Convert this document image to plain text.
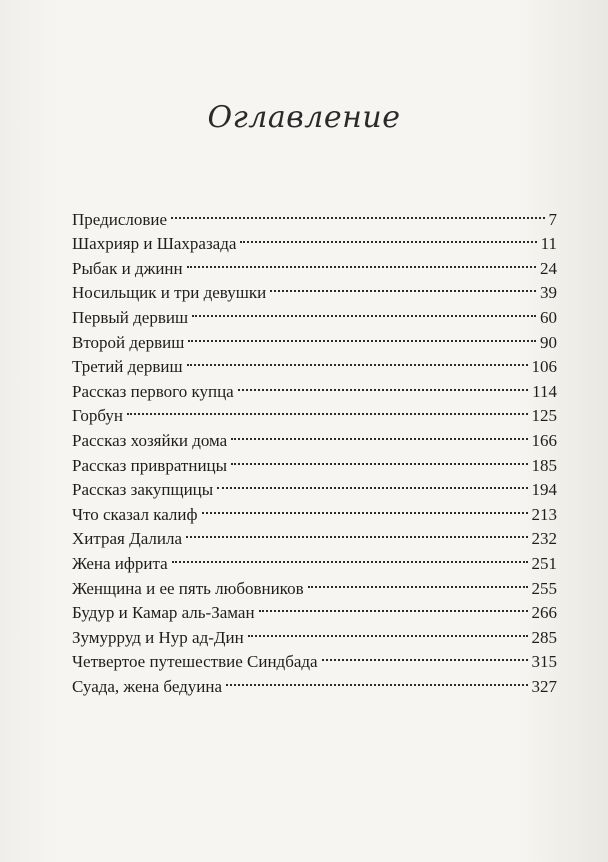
Оглавление
Предисловие	7
Шахрияр и Шахразада	11
Рыбак и джинн	24
Носильщик и три девушки	39
Первый дервиш	60
Второй дервиш	90
Третий дервиш	106
Рассказ первого купца	114
Горбун	125
Рассказ хозяйки дома	166
Рассказ привратницы	185
Рассказ закупщицы	194
Что сказал калиф	213
Хитрая Далила	232
Жена ифрита	251
Женщина и ее пять любовников	255
Будур и Камар аль-Заман	266
Зумурруд и Нур ад-Дин	285
Четвертое путешествие Синдбада	315
Суада, жена бедуина	327
